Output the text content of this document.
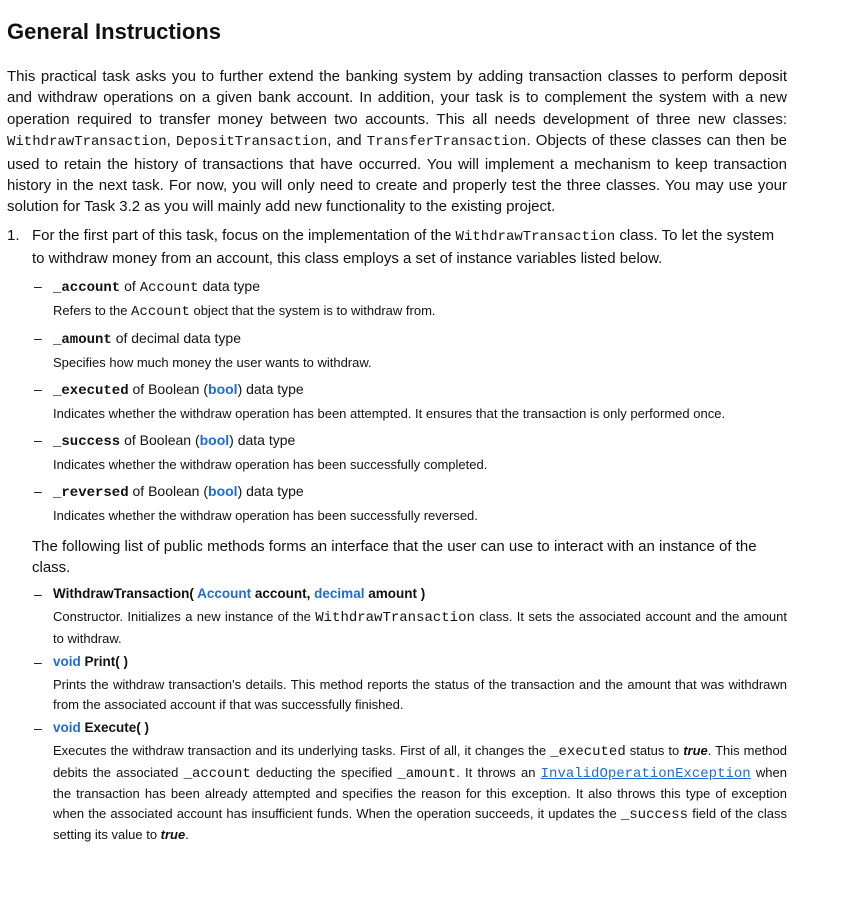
General Instructions

This practical task asks you to further extend the banking system by adding transaction classes to perform deposit and withdraw operations on a given bank account. In addition, your task is to complement the system with a new operation required to transfer money between two accounts. This all needs development of three new classes: WithdrawTransaction, DepositTransaction, and TransferTransaction. Objects of these classes can then be used to retain the history of transactions that have occurred. You will implement a mechanism to keep transaction history in the next task. For now, you will only need to create and properly test the three classes. You may use your solution for Task 3.2 as you will mainly add new functionality to the existing project.

1. For the first part of this task, focus on the implementation of the WithdrawTransaction class. To let the system to withdraw money from an account, this class employs a set of instance variables listed below.

– _account of Account data type
Refers to the Account object that the system is to withdraw from.
– _amount of decimal data type
Specifies how much money the user wants to withdraw.
– _executed of Boolean (bool) data type
Indicates whether the withdraw operation has been attempted. It ensures that the transaction is only performed once.
– _success of Boolean (bool) data type
Indicates whether the withdraw operation has been successfully completed.
– _reversed of Boolean (bool) data type
Indicates whether the withdraw operation has been successfully reversed.

The following list of public methods forms an interface that the user can use to interact with an instance of the class.

– WithdrawTransaction( Account account, decimal amount )
Constructor. Initializes a new instance of the WithdrawTransaction class. It sets the associated account and the amount to withdraw.
– void Print( )
Prints the withdraw transaction's details. This method reports the status of the transaction and the amount that was withdrawn from the associated account if that was successfully finished.
– void Execute( )
Executes the withdraw transaction and its underlying tasks. First of all, it changes the _executed status to true. This method debits the associated _account deducting the specified _amount. It throws an InvalidOperationException when the transaction has been already attempted and specifies the reason for this exception. It also throws this type of exception when the associated account has insufficient funds. When the operation succeeds, it updates the _success field of the class setting its value to true.
